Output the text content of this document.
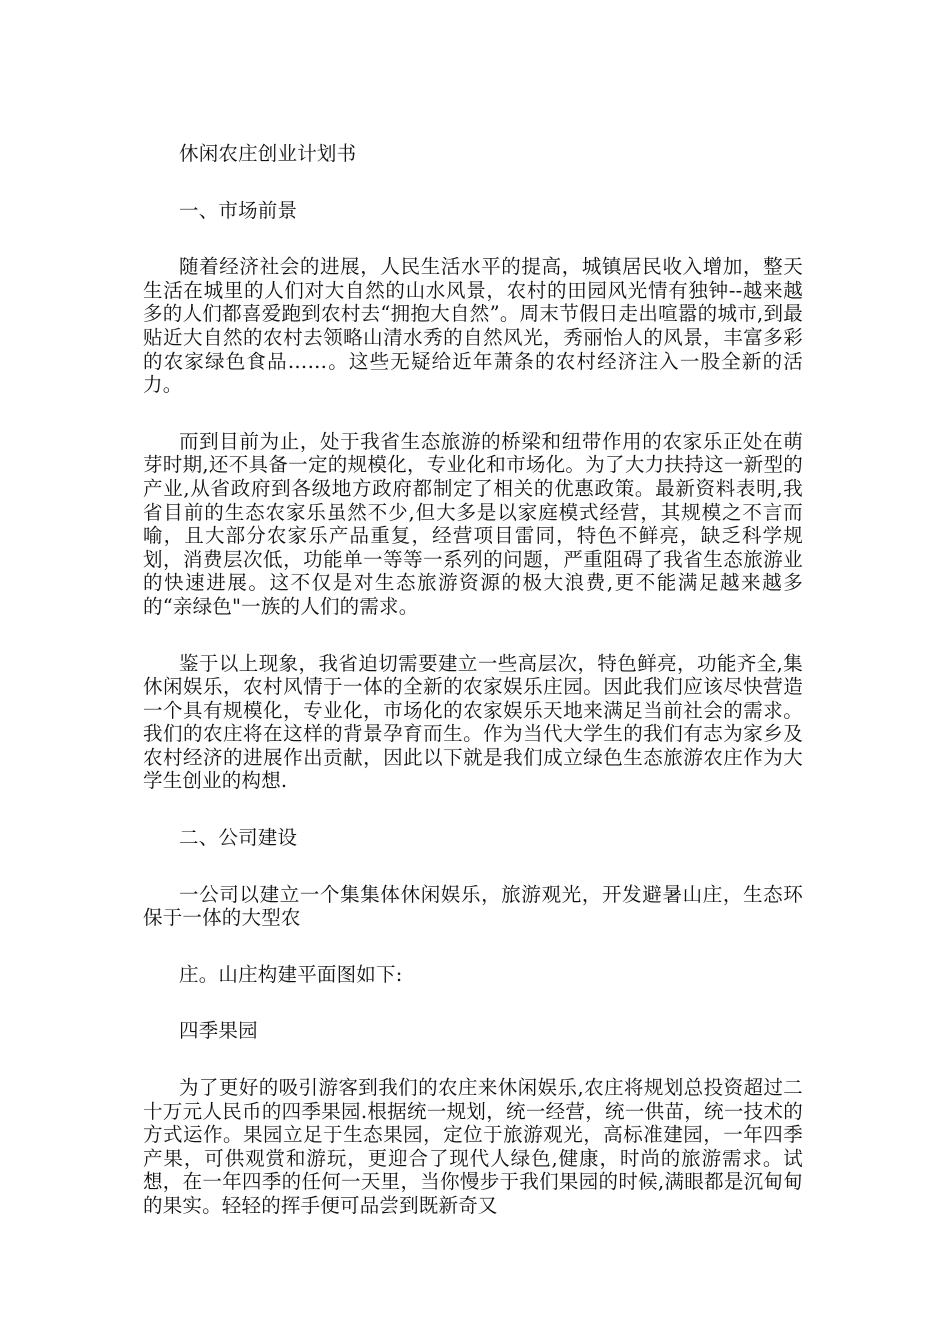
休闲农庄创业计划书

一、市场前景

随着经济社会的进展，人民生活水平的提高，城镇居民收入增加，整天生活在城里的人们对大自然的山水风景，农村的田园风光情有独钟--越来越多的人们都喜爱跑到农村去“拥抱大自然”。周末节假日走出喧嚣的城市,到最贴近大自然的农村去领略山清水秀的自然风光，秀丽怡人的风景，丰富多彩的农家绿色食品……。这些无疑给近年萧条的农村经济注入一股全新的活力。

而到目前为止，处于我省生态旅游的桥梁和纽带作用的农家乐正处在萌芽时期,还不具备一定的规模化，专业化和市场化。为了大力扶持这一新型的产业,从省政府到各级地方政府都制定了相关的优惠政策。最新资料表明,我省目前的生态农家乐虽然不少,但大多是以家庭模式经营，其规模之不言而喻，且大部分农家乐产品重复，经营项目雷同，特色不鲜亮，缺乏科学规划，消费层次低，功能单一等等一系列的问题，严重阻碍了我省生态旅游业的快速进展。这不仅是对生态旅游资源的极大浪费,更不能满足越来越多的“亲绿色"一族的人们的需求。

鉴于以上现象，我省迫切需要建立一些高层次，特色鲜亮，功能齐全,集休闲娱乐，农村风情于一体的全新的农家娱乐庄园。因此我们应该尽快营造一个具有规模化，专业化，市场化的农家娱乐天地来满足当前社会的需求。我们的农庄将在这样的背景孕育而生。作为当代大学生的我们有志为家乡及农村经济的进展作出贡献，因此以下就是我们成立绿色生态旅游农庄作为大学生创业的构想.

二、公司建设

一公司以建立一个集集体休闲娱乐，旅游观光，开发避暑山庄，生态环保于一体的大型农

庄。山庄构建平面图如下:

四季果园

为了更好的吸引游客到我们的农庄来休闲娱乐,农庄将规划总投资超过二十万元人民币的四季果园.根据统一规划，统一经营，统一供苗，统一技术的方式运作。果园立足于生态果园，定位于旅游观光，高标准建园，一年四季产果，可供观赏和游玩，更迎合了现代人绿色,健康，时尚的旅游需求。试想，在一年四季的任何一天里，当你慢步于我们果园的时候,满眼都是沉甸甸的果实。轻轻的挥手便可品尝到既新奇又
